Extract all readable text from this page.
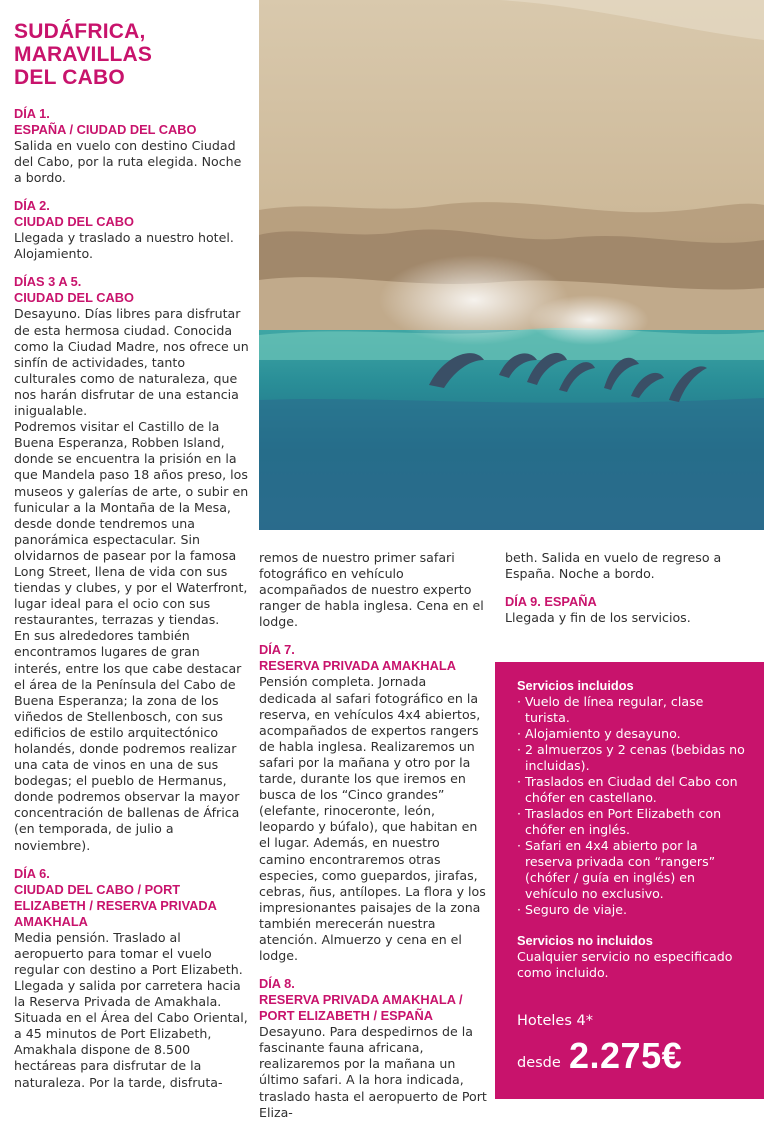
SUDÁFRICA,
MARAVILLAS
DEL CABO
DÍA 1.
ESPAÑA / CIUDAD DEL CABO

Salida en vuelo con destino Ciudad del Cabo, por la ruta elegida. Noche a bordo.

DÍA 2.
CIUDAD DEL CABO

Llegada y traslado a nuestro hotel. Alojamiento.

DÍAS 3 A 5.
CIUDAD DEL CABO

Desayuno. Días libres para disfrutar de esta hermosa ciudad. Conocida como la Ciudad Madre, nos ofrece un sinfín de actividades, tanto culturales como de naturaleza, que nos harán disfrutar de una estancia inigualable.

Podremos visitar el Castillo de la Buena Esperanza, Robben Island, donde se encuentra la prisión en la que Mandela paso 18 años preso, los museos y galerías de arte, o subir en funicular a la Montaña de la Mesa, desde donde tendremos una panorámica espectacular. Sin olvidarnos de pasear por la famosa Long Street, llena de vida con sus tiendas y clubes, y por el Waterfront, lugar ideal para el ocio con sus restaurantes, terrazas y tiendas.

En sus alrededores también encontramos lugares de gran interés, entre los que cabe destacar el área de la Península del Cabo de Buena Esperanza; la zona de los viñedos de Stellenbosch, con sus edificios de estilo arquitectónico holandés, donde podremos realizar una cata de vinos en una de sus bodegas; el pueblo de Hermanus, donde podremos observar la mayor concentración de ballenas de África (en temporada, de julio a noviembre).

DÍA 6.
CIUDAD DEL CABO / PORT ELIZABETH / RESERVA PRIVADA AMAKHALA

Media pensión. Traslado al aeropuerto para tomar el vuelo regular con destino a Port Elizabeth. Llegada y salida por carretera hacia la Reserva Privada de Amakhala. Situada en el Área del Cabo Oriental, a 45 minutos de Port Elizabeth, Amakhala dispone de 8.500 hectáreas para disfrutar de la naturaleza. Por la tarde, disfruta-

remos de nuestro primer safari fotográfico en vehículo acompañados de nuestro experto ranger de habla inglesa. Cena en el lodge.

DÍA 7.
RESERVA PRIVADA AMAKHALA

Pensión completa. Jornada dedicada al safari fotográfico en la reserva, en vehículos 4x4 abiertos, acompañados de expertos rangers de habla inglesa. Realizaremos un safari por la mañana y otro por la tarde, durante los que iremos en busca de los “Cinco grandes” (elefante, rinoceronte, león, leopardo y búfalo), que habitan en el lugar. Además, en nuestro camino encontraremos otras especies, como guepardos, jirafas, cebras, ñus, antílopes. La flora y los impresionantes paisajes de la zona también merecerán nuestra atención. Almuerzo y cena en el lodge.

DÍA 8.
RESERVA PRIVADA AMAKHALA / PORT ELIZABETH / ESPAÑA

Desayuno. Para despedirnos de la fascinante fauna africana, realizaremos por la mañana un último safari. A la hora indicada, traslado hasta el aeropuerto de Port Eliza-

beth. Salida en vuelo de regreso a España. Noche a bordo.

DÍA 9. ESPAÑA

Llegada y fin de los servicios.

Servicios incluidos
· Vuelo de línea regular, clase turista.
· Alojamiento y desayuno.
· 2 almuerzos y 2 cenas (bebidas no incluidas).
· Traslados en Ciudad del Cabo con chófer en castellano.
· Traslados en Port Elizabeth con chófer en inglés.
· Safari en 4x4 abierto por la reserva privada con “rangers” (chófer / guía en inglés) en vehículo no exclusivo.
· Seguro de viaje.
Servicios no incluidos
Cualquier servicio no especificado como incluido.
Hoteles 4*
desde 2.275€
